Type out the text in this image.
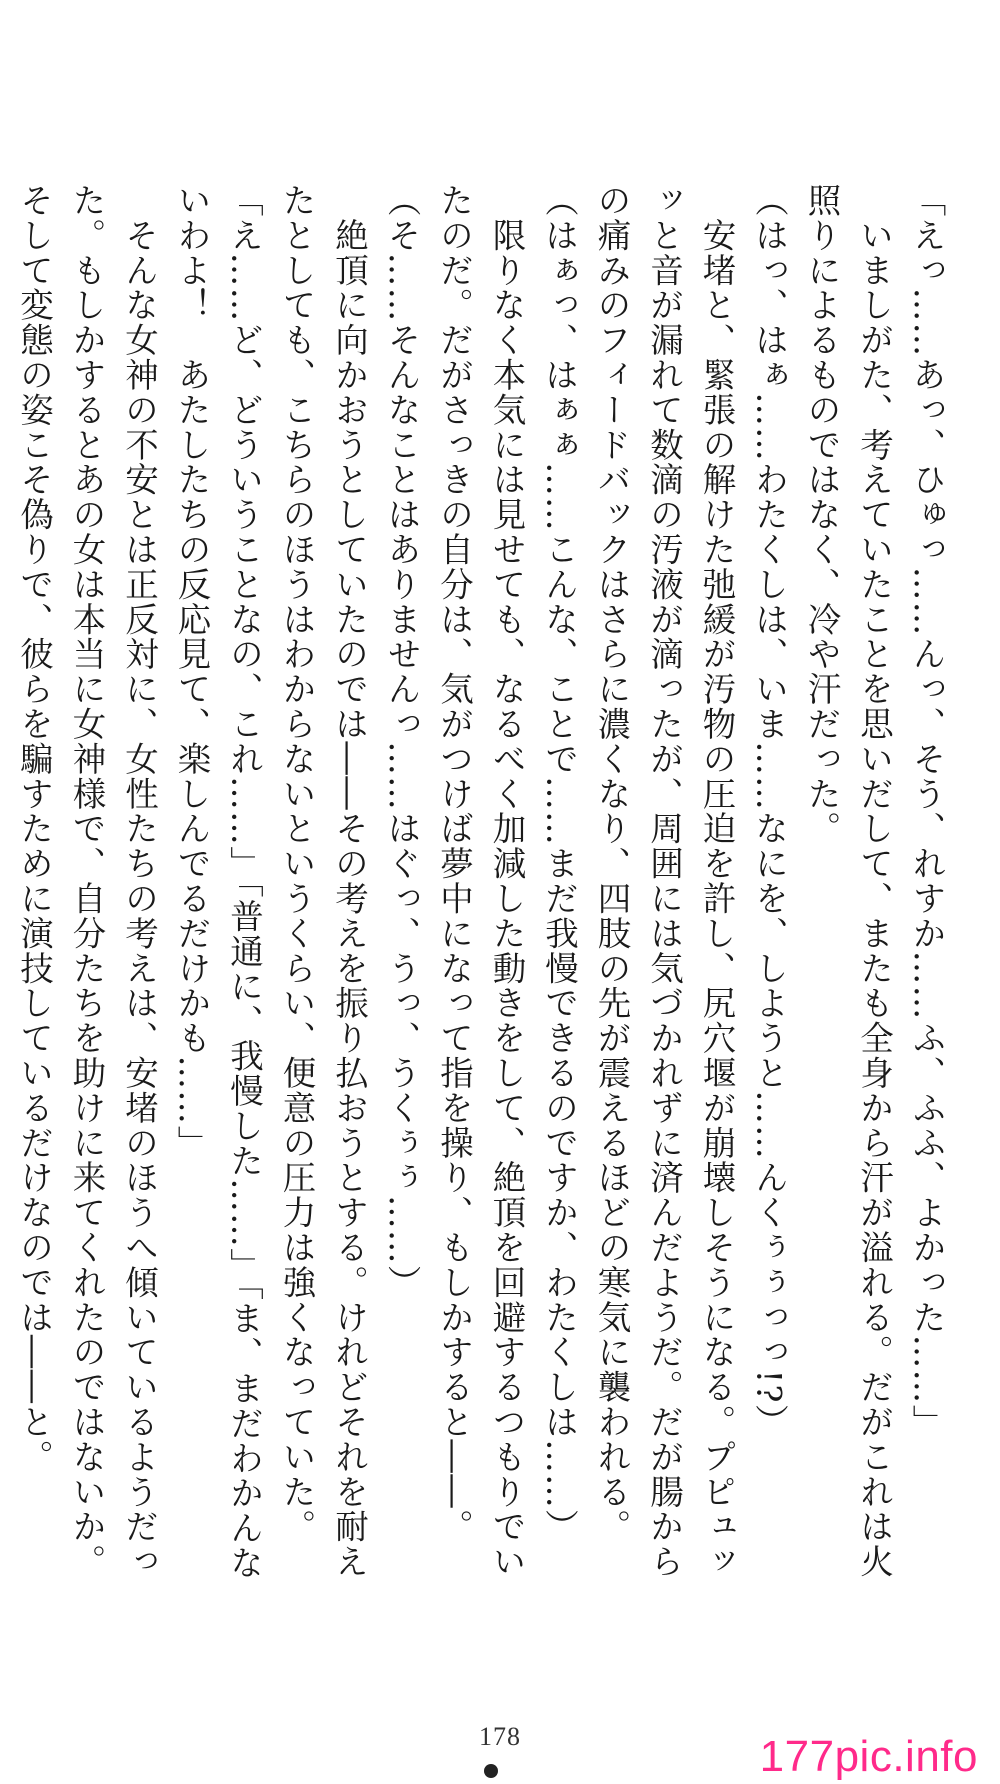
「えっ……あっ、ひゅっ……んっ、そう、れすか……ふ、ふふ、よかった……」
　いましがた、考えていたことを思いだして、またも全身から汗が溢れる。だがこれは火
照りによるものではなく、冷や汗だった。
（はっ、はぁ……わたくしは、いま……なにを、しようと……んくぅぅっっ!?）
　安堵と、緊張の解けた弛緩が汚物の圧迫を許し、尻穴堰が崩壊しそうになる。プピュッ
ッと音が漏れて数滴の汚液が滴ったが、周囲には気づかれずに済んだようだ。だが腸から
の痛みのフィードバックはさらに濃くなり、四肢の先が震えるほどの寒気に襲われる。
（はぁっ、はぁぁ……こんな、ことで……まだ我慢できるのですか、わたくしは……）
　限りなく本気には見せても、なるべく加減した動きをして、絶頂を回避するつもりでい
たのだ。だがさっきの自分は、気がつけば夢中になって指を操り、もしかすると――。
（そ……そんなことはありませんっ……はぐっ、うっ、うくぅぅ……）
　絶頂に向かおうとしていたのでは――その考えを振り払おうとする。けれどそれを耐え
たとしても、こちらのほうはわからないというくらい、便意の圧力は強くなっていた。
「え……ど、どういうことなの、これ……」「普通に、我慢した……」「ま、まだわかんな
いわよ！　あたしたちの反応見て、楽しんでるだけかも……」
　そんな女神の不安とは正反対に、女性たちの考えは、安堵のほうへ傾いているようだっ
た。もしかするとあの女は本当に女神様で、自分たちを助けに来てくれたのではないか。
そして変態の姿こそ偽りで、彼らを騙すために演技しているだけなのでは――と。
178	177pic.info
